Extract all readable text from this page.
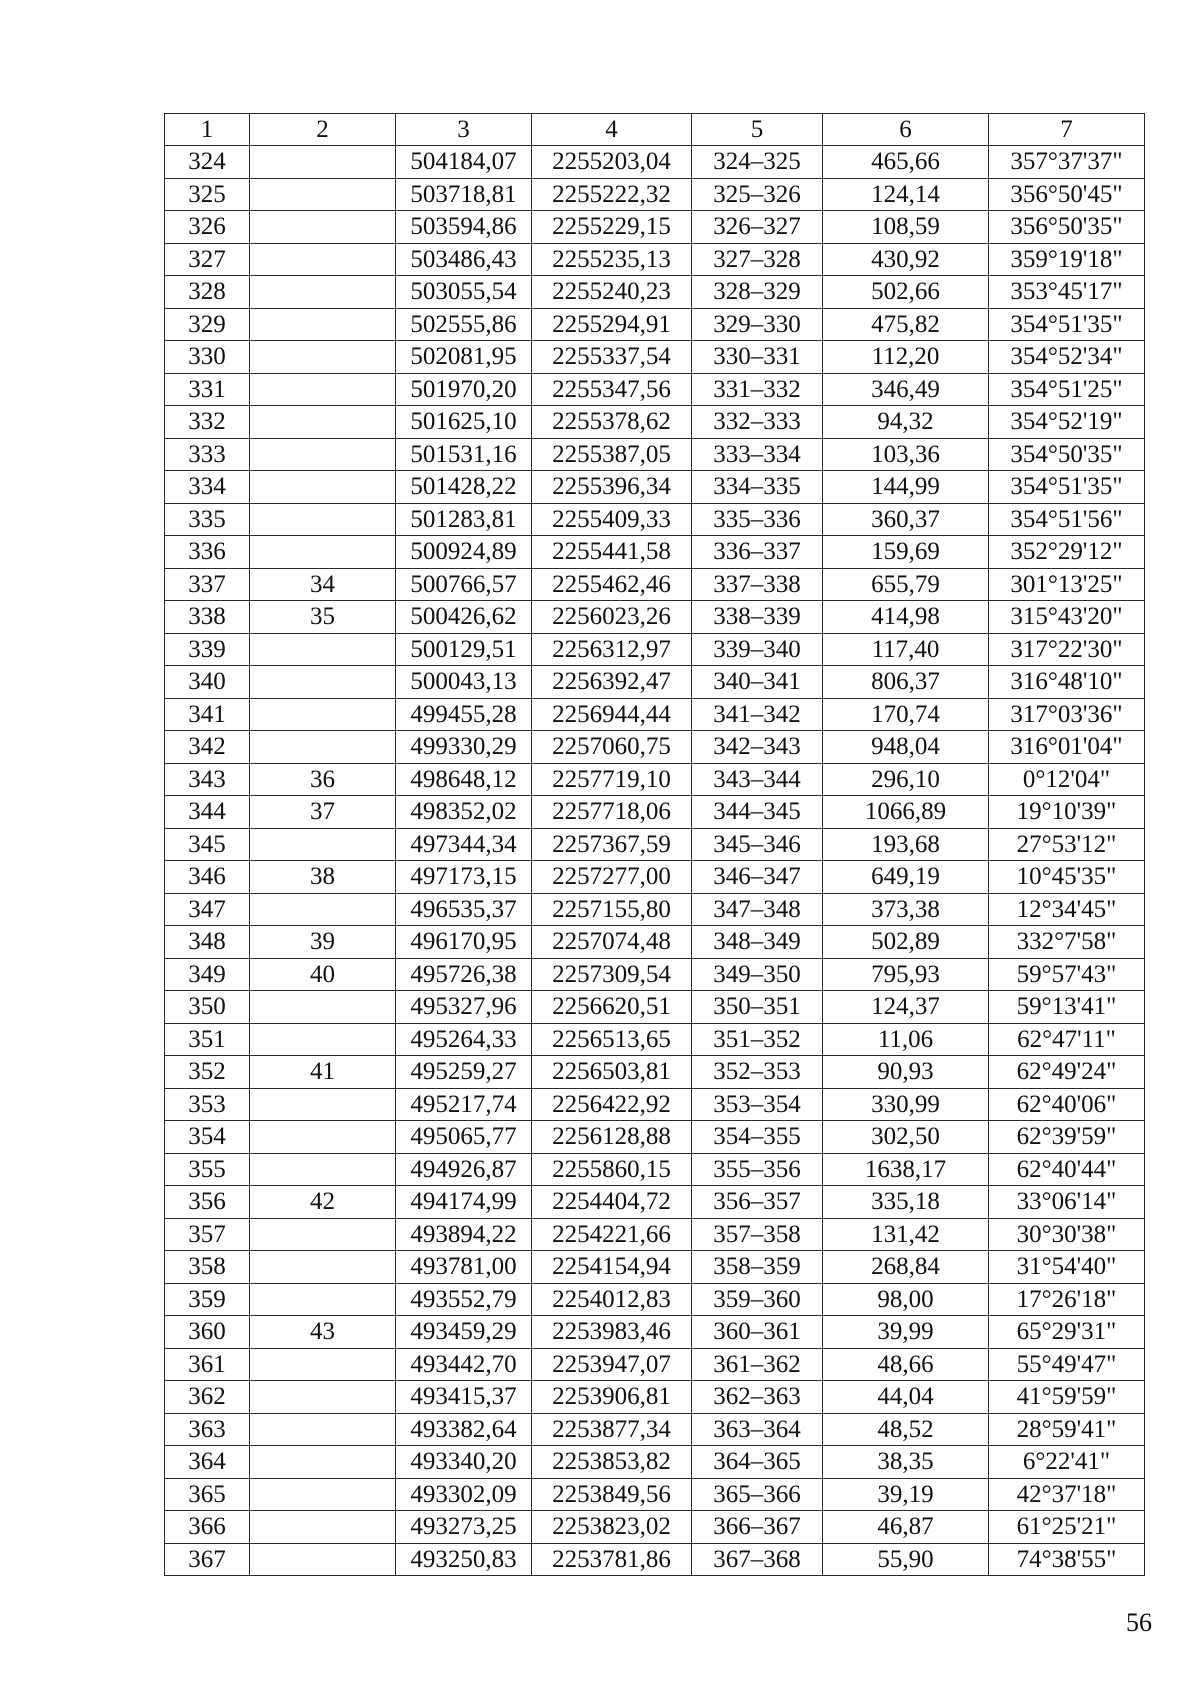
1	2	3	4	5	6	7
324		504184,07	2255203,04	324–325	465,66	357°37'37"
325		503718,81	2255222,32	325–326	124,14	356°50'45"
326		503594,86	2255229,15	326–327	108,59	356°50'35"
327		503486,43	2255235,13	327–328	430,92	359°19'18"
328		503055,54	2255240,23	328–329	502,66	353°45'17"
329		502555,86	2255294,91	329–330	475,82	354°51'35"
330		502081,95	2255337,54	330–331	112,20	354°52'34"
331		501970,20	2255347,56	331–332	346,49	354°51'25"
332		501625,10	2255378,62	332–333	94,32	354°52'19"
333		501531,16	2255387,05	333–334	103,36	354°50'35"
334		501428,22	2255396,34	334–335	144,99	354°51'35"
335		501283,81	2255409,33	335–336	360,37	354°51'56"
336		500924,89	2255441,58	336–337	159,69	352°29'12"
337	34	500766,57	2255462,46	337–338	655,79	301°13'25"
338	35	500426,62	2256023,26	338–339	414,98	315°43'20"
339		500129,51	2256312,97	339–340	117,40	317°22'30"
340		500043,13	2256392,47	340–341	806,37	316°48'10"
341		499455,28	2256944,44	341–342	170,74	317°03'36"
342		499330,29	2257060,75	342–343	948,04	316°01'04"
343	36	498648,12	2257719,10	343–344	296,10	0°12'04"
344	37	498352,02	2257718,06	344–345	1066,89	19°10'39"
345		497344,34	2257367,59	345–346	193,68	27°53'12"
346	38	497173,15	2257277,00	346–347	649,19	10°45'35"
347		496535,37	2257155,80	347–348	373,38	12°34'45"
348	39	496170,95	2257074,48	348–349	502,89	332°7'58"
349	40	495726,38	2257309,54	349–350	795,93	59°57'43"
350		495327,96	2256620,51	350–351	124,37	59°13'41"
351		495264,33	2256513,65	351–352	11,06	62°47'11"
352	41	495259,27	2256503,81	352–353	90,93	62°49'24"
353		495217,74	2256422,92	353–354	330,99	62°40'06"
354		495065,77	2256128,88	354–355	302,50	62°39'59"
355		494926,87	2255860,15	355–356	1638,17	62°40'44"
356	42	494174,99	2254404,72	356–357	335,18	33°06'14"
357		493894,22	2254221,66	357–358	131,42	30°30'38"
358		493781,00	2254154,94	358–359	268,84	31°54'40"
359		493552,79	2254012,83	359–360	98,00	17°26'18"
360	43	493459,29	2253983,46	360–361	39,99	65°29'31"
361		493442,70	2253947,07	361–362	48,66	55°49'47"
362		493415,37	2253906,81	362–363	44,04	41°59'59"
363		493382,64	2253877,34	363–364	48,52	28°59'41"
364		493340,20	2253853,82	364–365	38,35	6°22'41"
365		493302,09	2253849,56	365–366	39,19	42°37'18"
366		493273,25	2253823,02	366–367	46,87	61°25'21"
367		493250,83	2253781,86	367–368	55,90	74°38'55"
56
